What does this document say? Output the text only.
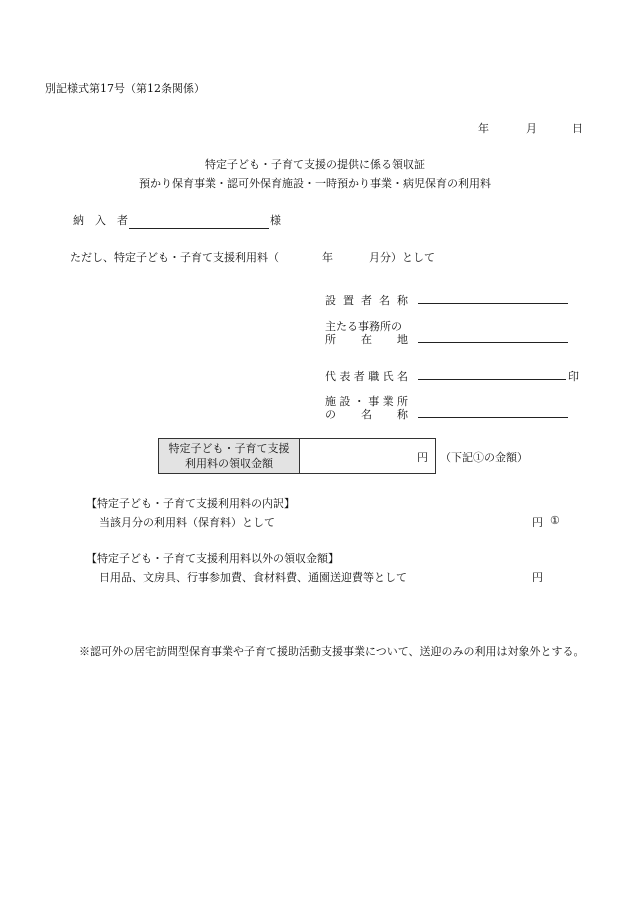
別記様式第17号（第12条関係）
年	月	日
特定子ども・子育て支援の提供に係る領収証
預かり保育事業・認可外保育施設・一時預かり事業・病児保育の利用料
納入者	様
ただし、特定子ども・子育て支援利用料（	年	月分）として
設置者名称
主たる事務所の
所在地
代表者職氏名	印
施設・事業所
の名称
特定子ども・子育て支援
利用料の領収金額	円 （下記①の金額）
【特定子ども・子育て支援利用料の内訳】
当該月分の利用料（保育料）として	円 ①
【特定子ども・子育て支援利用料以外の領収金額】
日用品、文房具、行事参加費、食材料費、通園送迎費等として	円
※認可外の居宅訪問型保育事業や子育て援助活動支援事業について、送迎のみの利用は対象外とする。
